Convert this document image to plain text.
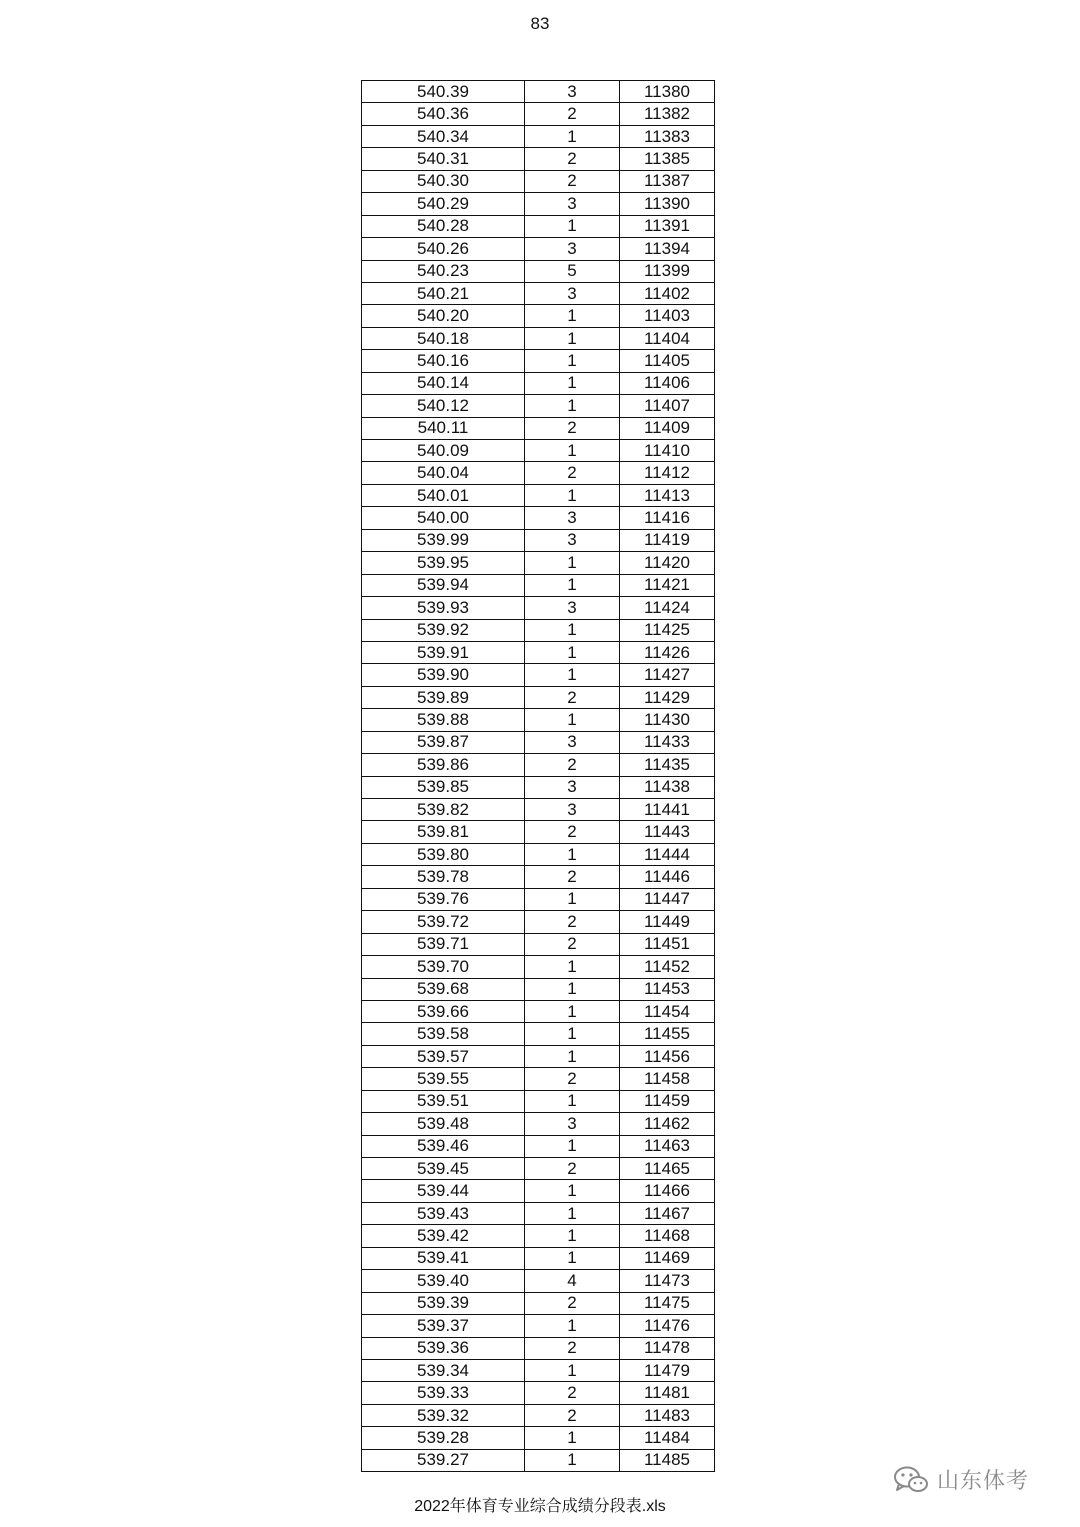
83
540.39	3	11380
540.36	2	11382
540.34	1	11383
540.31	2	11385
540.30	2	11387
540.29	3	11390
540.28	1	11391
540.26	3	11394
540.23	5	11399
540.21	3	11402
540.20	1	11403
540.18	1	11404
540.16	1	11405
540.14	1	11406
540.12	1	11407
540.11	2	11409
540.09	1	11410
540.04	2	11412
540.01	1	11413
540.00	3	11416
539.99	3	11419
539.95	1	11420
539.94	1	11421
539.93	3	11424
539.92	1	11425
539.91	1	11426
539.90	1	11427
539.89	2	11429
539.88	1	11430
539.87	3	11433
539.86	2	11435
539.85	3	11438
539.82	3	11441
539.81	2	11443
539.80	1	11444
539.78	2	11446
539.76	1	11447
539.72	2	11449
539.71	2	11451
539.70	1	11452
539.68	1	11453
539.66	1	11454
539.58	1	11455
539.57	1	11456
539.55	2	11458
539.51	1	11459
539.48	3	11462
539.46	1	11463
539.45	2	11465
539.44	1	11466
539.43	1	11467
539.42	1	11468
539.41	1	11469
539.40	4	11473
539.39	2	11475
539.37	1	11476
539.36	2	11478
539.34	1	11479
539.33	2	11481
539.32	2	11483
539.28	1	11484
539.27	1	11485
山东体考
2022年体育专业综合成绩分段表.xls
